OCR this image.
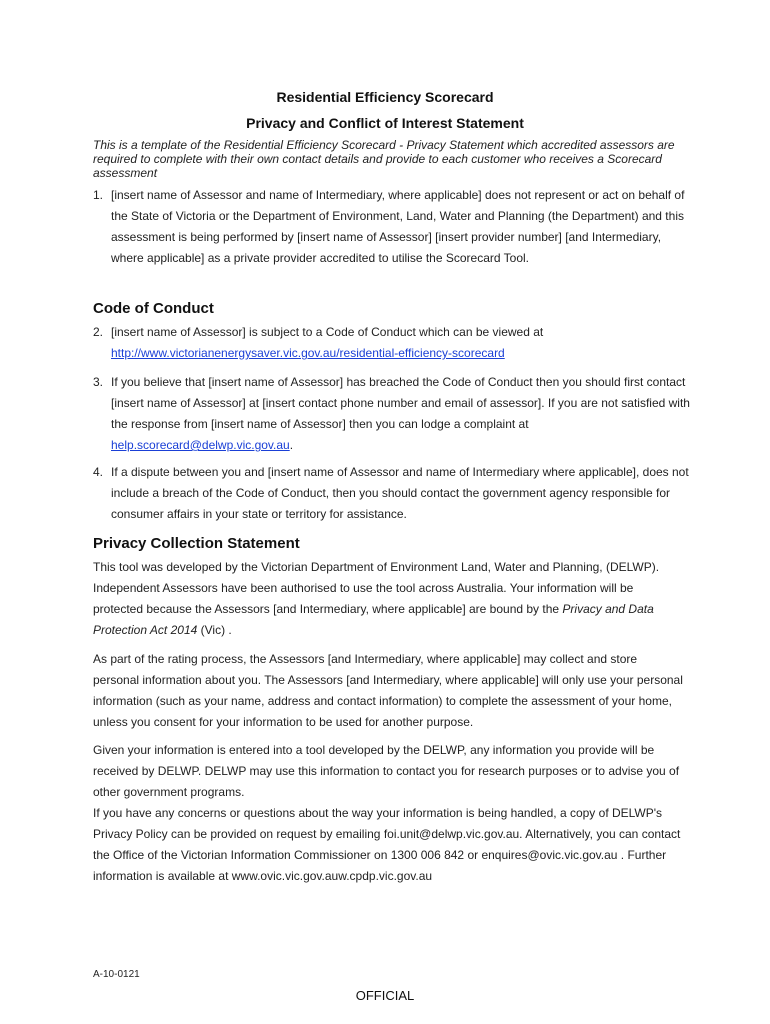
Residential Efficiency Scorecard
Privacy and Conflict of Interest Statement
This is a template of the Residential Efficiency Scorecard - Privacy Statement which accredited assessors are required to complete with their own contact details and provide to each customer who receives a Scorecard assessment
1. [insert name of Assessor and name of Intermediary, where applicable] does not represent or act on behalf of the State of Victoria or the Department of Environment, Land, Water and Planning (the Department) and this assessment is being performed by [insert name of Assessor] [insert provider number] [and Intermediary, where applicable] as a private provider accredited to utilise the Scorecard Tool.
Code of Conduct
2. [insert name of Assessor] is subject to a Code of Conduct which can be viewed at
http://www.victorianenergysaver.vic.gov.au/residential-efficiency-scorecard
3. If you believe that [insert name of Assessor] has breached the Code of Conduct then you should first contact [insert name of Assessor] at [insert contact phone number and email of assessor]. If you are not satisfied with the response from [insert name of Assessor] then you can lodge a complaint at help.scorecard@delwp.vic.gov.au.
4. If a dispute between you and [insert name of Assessor and name of Intermediary where applicable], does not include a breach of the Code of Conduct, then you should contact the government agency responsible for consumer affairs in your state or territory for assistance.
Privacy Collection Statement
This tool was developed by the Victorian Department of Environment Land, Water and Planning, (DELWP). Independent Assessors have been authorised to use the tool across Australia. Your information will be protected because the Assessors [and Intermediary, where applicable] are bound by the Privacy and Data Protection Act 2014 (Vic) .
As part of the rating process, the Assessors [and Intermediary, where applicable] may collect and store personal information about you. The Assessors [and Intermediary, where applicable] will only use your personal information (such as your name, address and contact information) to complete the assessment of your home, unless you consent for your information to be used for another purpose.
Given your information is entered into a tool developed by the DELWP, any information you provide will be received by DELWP. DELWP may use this information to contact you for research purposes or to advise you of other government programs.
If you have any concerns or questions about the way your information is being handled, a copy of DELWP's Privacy Policy can be provided on request by emailing foi.unit@delwp.vic.gov.au. Alternatively, you can contact the Office of the Victorian Information Commissioner on 1300 006 842 or enquires@ovic.vic.gov.au . Further information is available at www.ovic.vic.gov.auw.cpdp.vic.gov.au
A-10-0121
OFFICIAL
